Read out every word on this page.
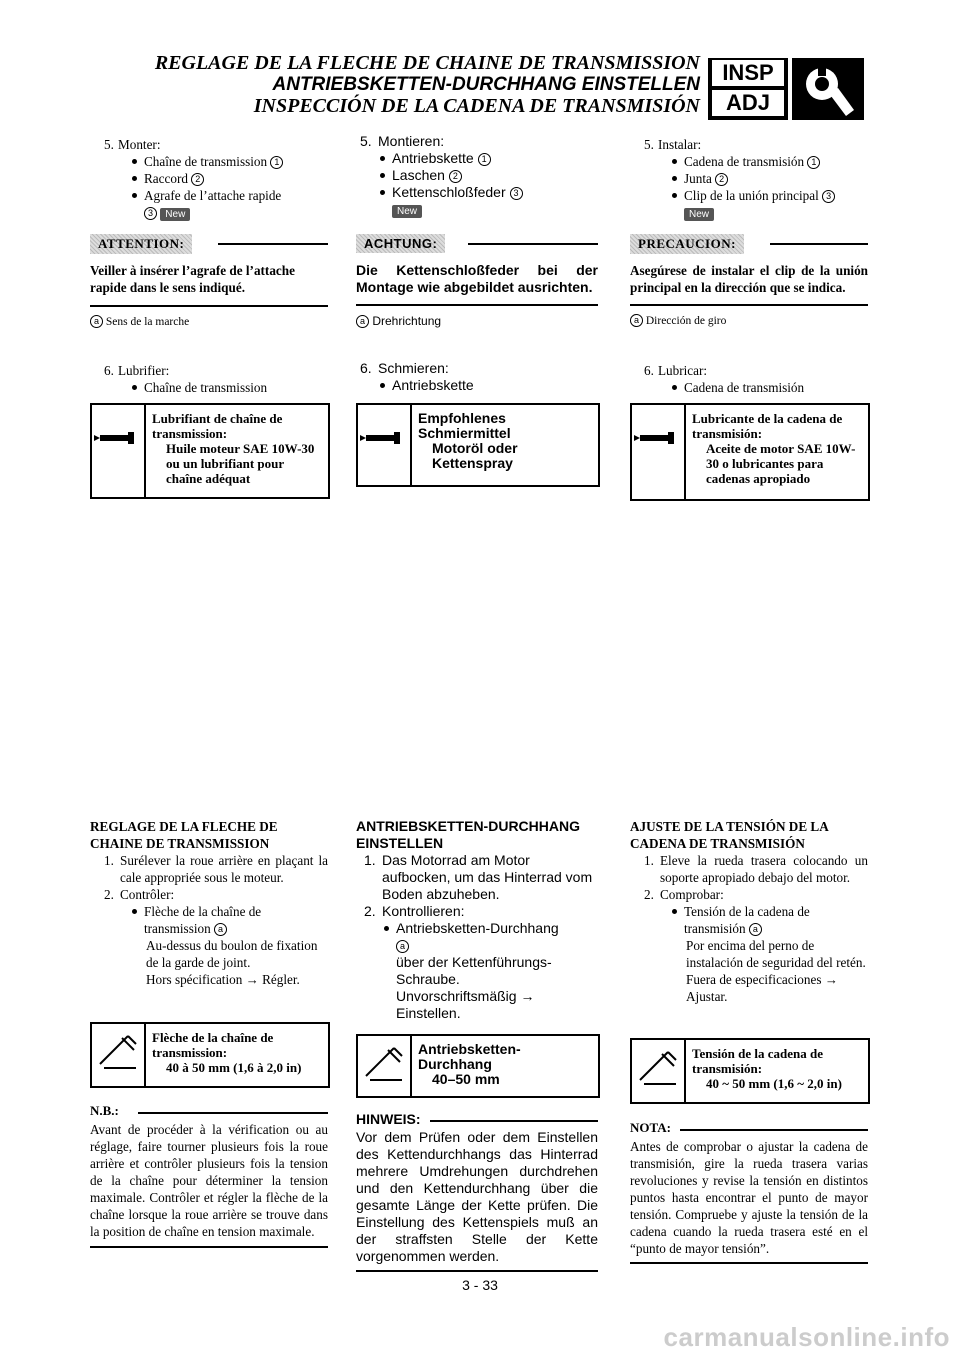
REGLAGE DE LA FLECHE DE CHAINE DE TRANSMISSION
ANTRIEBSKETTEN-DURCHHANG EINSTELLEN
INSPECCIÓN DE LA CADENA DE TRANSMISIÓN
INSP
ADJ
5. Monter:
Chaîne de transmission 1
Raccord 2
Agrafe de l’attache rapide
3 New
ATTENTION:
Veiller à insérer l’agrafe de l’attache rapide dans le sens indiqué.
a Sens de la marche
6. Lubrifier:
Chaîne de transmission
Lubrifiant de chaîne de transmission:
Huile moteur SAE 10W-30 ou un lubrifiant pour chaîne adéquat
5. Montieren:
Antriebskette 1
Laschen 2
Kettenschloßfeder 3
New
ACHTUNG:
Die Kettenschloßfeder bei der Montage wie abgebildet ausrichten.
a Drehrichtung
6. Schmieren:
Antriebskette
Empfohlenes Schmiermittel
Motoröl oder Kettenspray
5. Instalar:
Cadena de transmisión 1
Junta 2
Clip de la unión principal 3
New
PRECAUCION:
Asegúrese de instalar el clip de la unión principal en la dirección que se indica.
a Dirección de giro
6. Lubricar:
Cadena de transmisión
Lubricante de la cadena de transmisión:
Aceite de motor SAE 10W-30 o lubricantes para cadenas apropiado
REGLAGE DE LA FLECHE DE CHAINE DE TRANSMISSION
1. Surélever la roue arrière en plaçant la cale appropriée sous le moteur.
2. Contrôler:
Flèche de la chaîne de transmission a
Au-dessus du boulon de fixation de la garde de joint.
Hors spécification → Régler.
Flèche de la chaîne de transmission:
40 à 50 mm (1,6 à 2,0 in)
N.B.:
Avant de procéder à la vérification ou au réglage, faire tourner plusieurs fois la roue arrière et contrôler plusieurs fois la tension de la chaîne pour déterminer la tension maximale. Contrôler et régler la flèche de la chaîne lorsque la roue arrière se trouve dans la position de chaîne en tension maximale.
ANTRIEBSKETTEN-DURCHHANG EINSTELLEN
1. Das Motorrad am Motor aufbocken, um das Hinterrad vom Boden abzuheben.
2. Kontrollieren:
Antriebsketten-Durchhang
a
über der Kettenführungs-Schraube.
Unvorschriftsmäßig → Einstellen.
Antriebsketten-Durchhang
40–50 mm
HINWEIS:
Vor dem Prüfen oder dem Einstellen des Kettendurchhangs das Hinterrad mehrere Umdrehungen durchdrehen und den Kettendurchhang über die gesamte Länge der Kette prüfen. Die Einstellung des Kettenspiels muß an der straffsten Stelle der Kette vorgenommen werden.
AJUSTE DE LA TENSIÓN DE LA CADENA DE TRANSMISIÓN
1. Eleve la rueda trasera colocando un soporte apropiado debajo del motor.
2. Comprobar:
Tensión de la cadena de transmisión a
Por encima del perno de instalación de seguridad del retén.
Fuera de especificaciones → Ajustar.
Tensión de la cadena de transmisión:
40 ~ 50 mm (1,6 ~ 2,0 in)
NOTA:
Antes de comprobar o ajustar la cadena de transmisión, gire la rueda trasera varias revoluciones y revise la tensión en distintos puntos hasta encontrar el punto de mayor tensión. Compruebe y ajuste la tensión de la cadena cuando la rueda trasera esté en el “punto de mayor tensión”.
3 - 33
carmanualsonline.info
